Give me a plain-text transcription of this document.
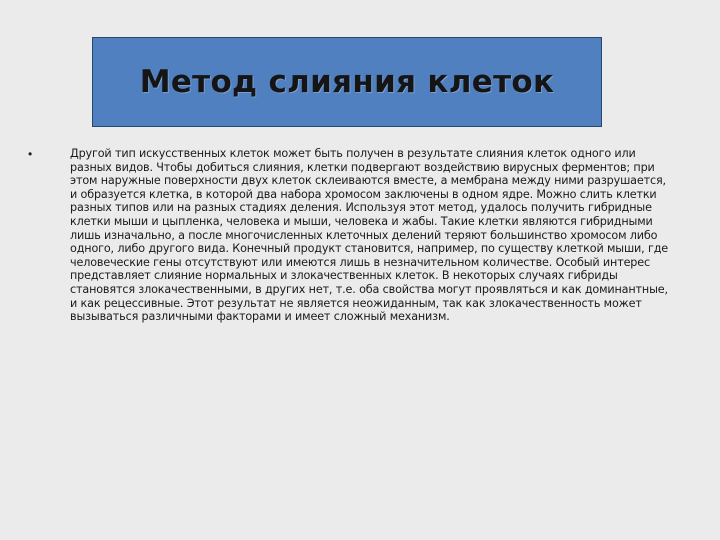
Метод слияния клеток
•	Другой тип искусственных клеток может быть получен в результате слияния клеток одного или разных видов. Чтобы добиться слияния, клетки подвергают воздействию вирусных ферментов; при этом наружные поверхности двух клеток склеиваются вместе, а мембрана между ними разрушается, и образуется клетка, в которой два набора хромосом заключены в одном ядре. Можно слить клетки разных типов или на разных стадиях деления. Используя этот метод, удалось получить гибридные клетки мыши и цыпленка, человека и мыши, человека и жабы. Такие клетки являются гибридными лишь изначально, а после многочисленных клеточных делений теряют большинство хромосом либо одного, либо другого вида. Конечный продукт становится, например, по существу клеткой мыши, где человеческие гены отсутствуют или имеются лишь в незначительном количестве. Особый интерес представляет слияние нормальных и злокачественных клеток. В некоторых случаях гибриды становятся злокачественными, в других нет, т.е. оба свойства могут проявляться и как доминантные, и как рецессивные. Этот результат не является неожиданным, так как злокачественность может вызываться различными факторами и имеет сложный механизм.
